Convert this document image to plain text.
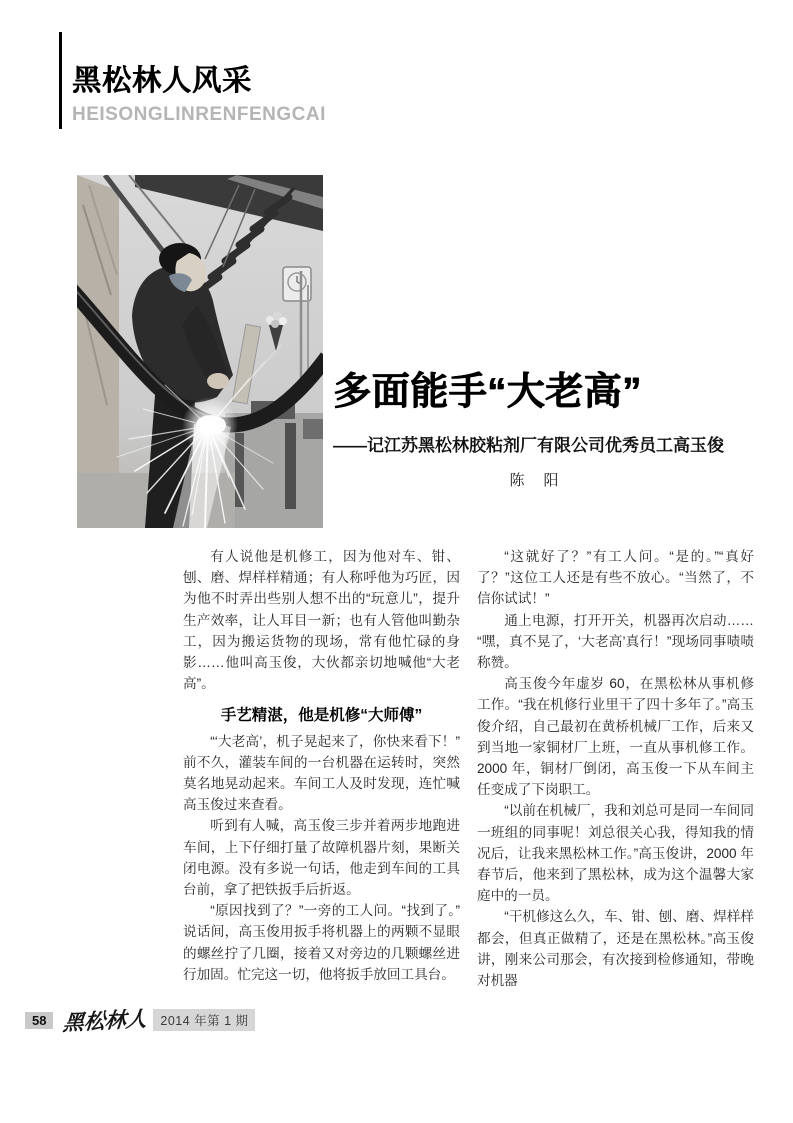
黑松林人风采
HEISONGLINRENFENGCAI
多面能手“大老高”
——记江苏黑松林胶粘剂厂有限公司优秀员工高玉俊
陈　阳

有人说他是机修工，因为他对车、钳、刨、磨、焊样样精通；有人称呼他为巧匠，因为他不时弄出些别人想不出的“玩意儿”，提升生产效率，让人耳目一新；也有人管他叫勤杂工，因为搬运货物的现场，常有他忙碌的身影……他叫高玉俊，大伙都亲切地喊他“大老高”。

手艺精湛，他是机修“大师傅”

“‘大老高’，机子晃起来了，你快来看下！”前不久，灌装车间的一台机器在运转时，突然莫名地晃动起来。车间工人及时发现，连忙喊高玉俊过来查看。

听到有人喊，高玉俊三步并着两步地跑进车间，上下仔细打量了故障机器片刻，果断关闭电源。没有多说一句话，他走到车间的工具台前，拿了把铁扳手后折返。

“原因找到了？”一旁的工人问。“找到了。”说话间，高玉俊用扳手将机器上的两颗不显眼的螺丝拧了几圈，接着又对旁边的几颗螺丝进行加固。忙完这一切，他将扳手放回工具台。

“这就好了？”有工人问。“是的。”“真好了？”这位工人还是有些不放心。“当然了，不信你试试！”

通上电源，打开开关，机器再次启动……“嘿，真不晃了，‘大老高’真行！”现场同事啧啧称赞。

高玉俊今年虚岁 60，在黑松林从事机修工作。“我在机修行业里干了四十多年了。”高玉俊介绍，自己最初在黄桥机械厂工作，后来又到当地一家铜材厂上班，一直从事机修工作。2000 年，铜材厂倒闭，高玉俊一下从车间主任变成了下岗职工。

“以前在机械厂，我和刘总可是同一车间同一班组的同事呢！刘总很关心我，得知我的情况后，让我来黑松林工作。”高玉俊讲，2000 年春节后，他来到了黑松林，成为这个温馨大家庭中的一员。

“干机修这么久，车、钳、刨、磨、焊样样都会，但真正做精了，还是在黑松林。”高玉俊讲，刚来公司那会，有次接到检修通知，带晚对机器

58 黑松林人 2014 年第 1 期
